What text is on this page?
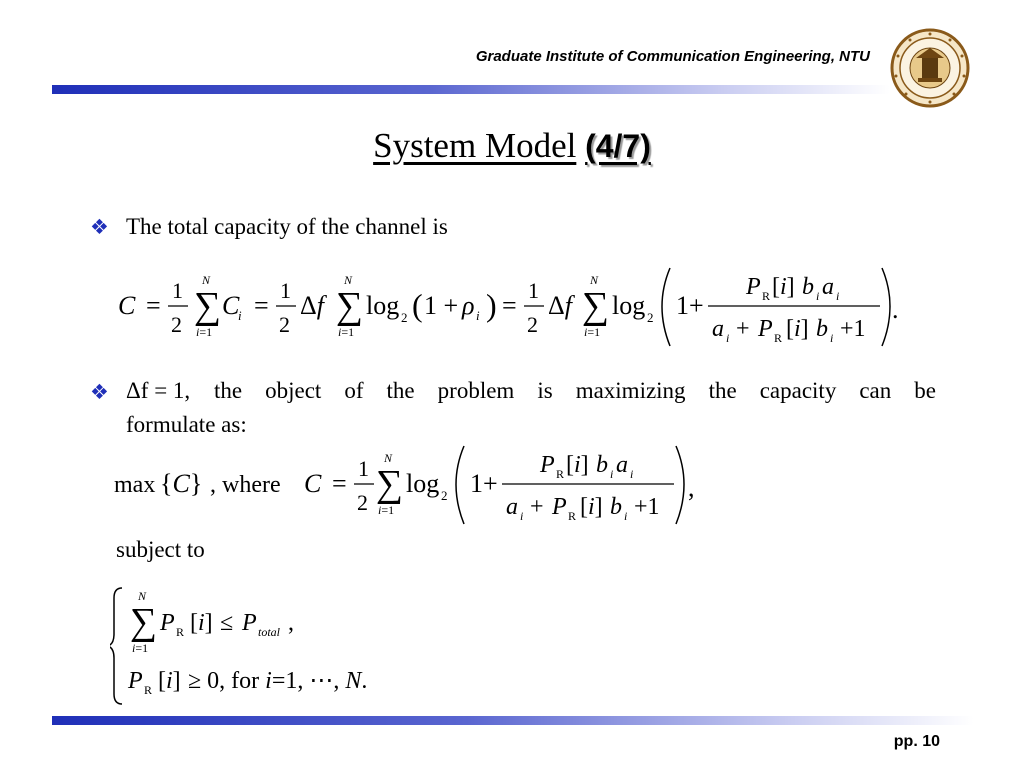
Graduate Institute of Communication Engineering, NTU
System Model (4/7)
❖ The total capacity of the channel is
C =
1
2 ∑
N
i=1
C
i =
1
2
Δf ∑
N
i=1
log 2 ( 1 + ρ i ) =
1
2
Δf ∑
N
i=1
log 2 1+
P R [i] b i a i
a i + P R [i] b i +1
.
❖ Δf = 1, the object of the problem is maximizing the capacity can be
formulate as:
max {C} , where C =
1
2 ∑
N
i=1
log 2 1+
P R [i] b i a i
a i + P R [i] b i +1
,
subject to
∑
N
i=1
P R [i] ≤ P total ,
P R [i] ≥ 0, for i=1, ⋯, N.
pp. 10
